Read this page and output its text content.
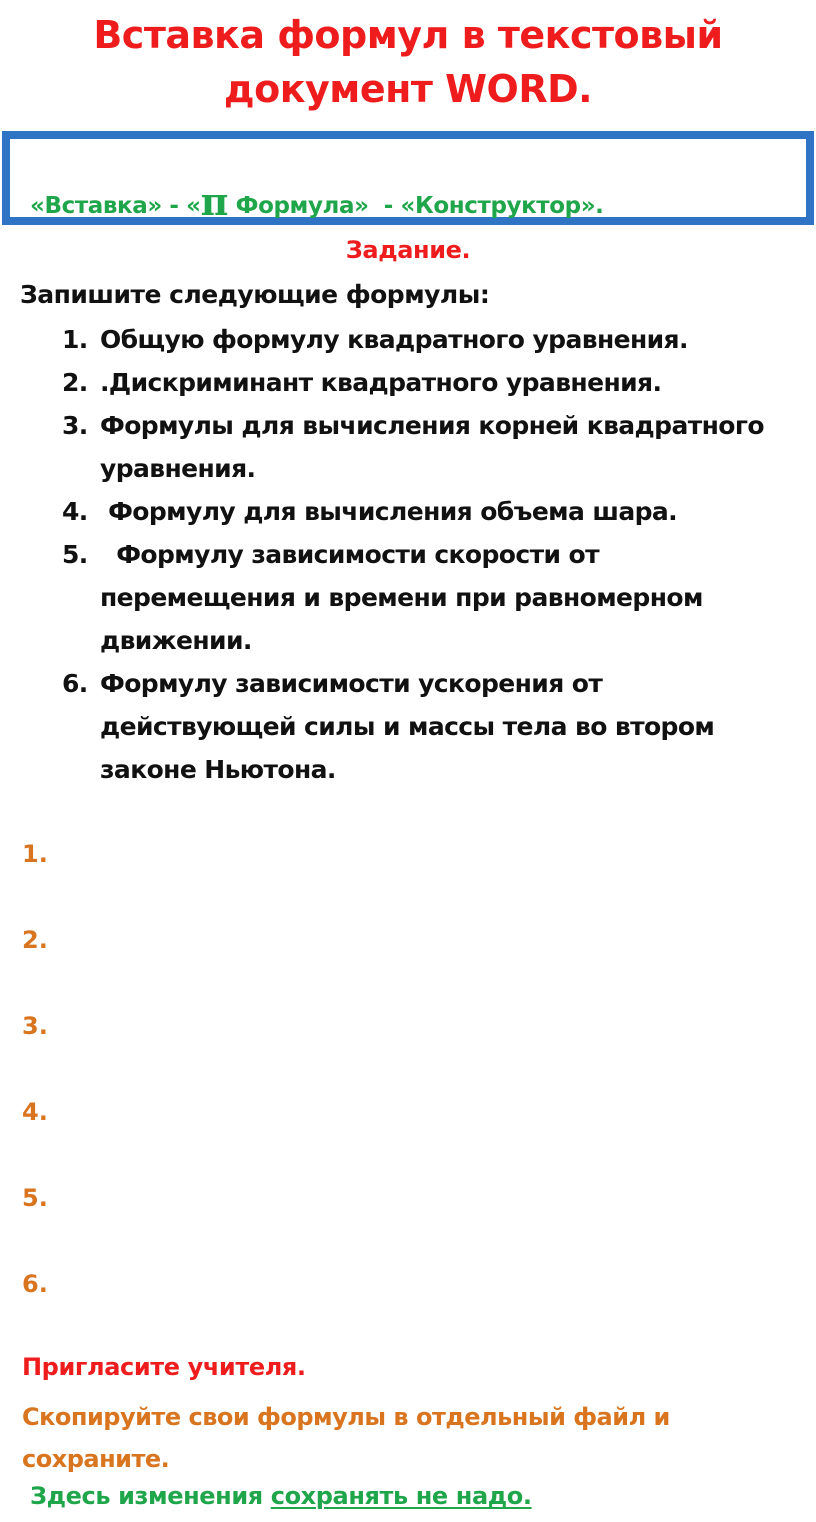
Вставка формул в текстовый
документ WORD.
«Вставка» - «π Формула»  - «Конструктор».
Задание.
Запишите следующие формулы:
1. Общую формулу квадратного уравнения.
2. .Дискриминант квадратного уравнения.
3. Формулы для вычисления корней квадратного уравнения.
4. Формулу для вычисления объема шара.
5. Формулу зависимости скорости от перемещения и времени при равномерном движении.
6. Формулу зависимости ускорения от действующей силы и массы тела во втором законе Ньютона.
1.
2.
3.
4.
5.
6.
Пригласите учителя.
Скопируйте свои формулы в отдельный файл и сохраните.
Здесь изменения сохранять не надо.
